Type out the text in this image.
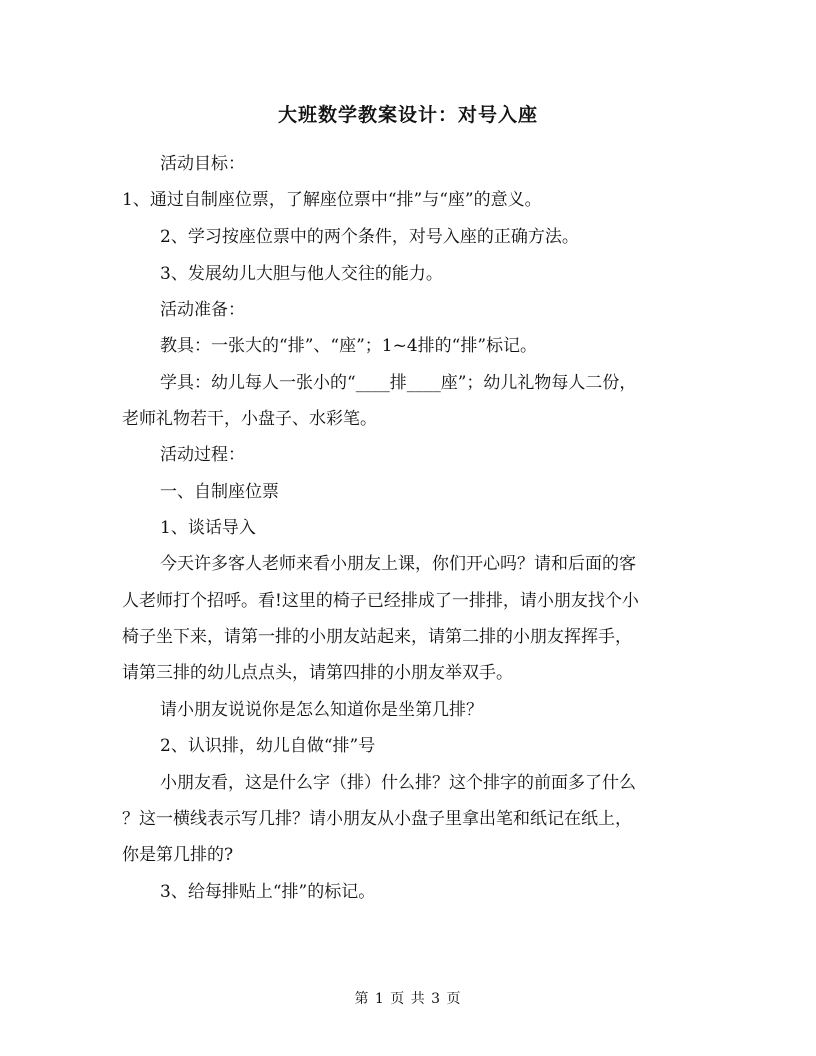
大班数学教案设计：对号入座
活动目标：
1、通过自制座位票，了解座位票中“排”与“座”的意义。
2、学习按座位票中的两个条件，对号入座的正确方法。
3、发展幼儿大胆与他人交往的能力。
活动准备：
教具：一张大的“排”、“座”；1~4排的“排”标记。
学具：幼儿每人一张小的“____排____座”；幼儿礼物每人二份，
老师礼物若干，小盘子、水彩笔。
活动过程：
一、自制座位票
1、谈话导入
今天许多客人老师来看小朋友上课，你们开心吗？请和后面的客
人老师打个招呼。看!这里的椅子已经排成了一排排，请小朋友找个小
椅子坐下来，请第一排的小朋友站起来，请第二排的小朋友挥挥手，
请第三排的幼儿点点头，请第四排的小朋友举双手。
请小朋友说说你是怎么知道你是坐第几排？
2、认识排，幼儿自做“排”号
小朋友看，这是什么字（排）什么排？这个排字的前面多了什么
？这一横线表示写几排？请小朋友从小盘子里拿出笔和纸记在纸上，
你是第几排的?
3、给每排贴上“排”的标记。
第 1 页 共 3 页
